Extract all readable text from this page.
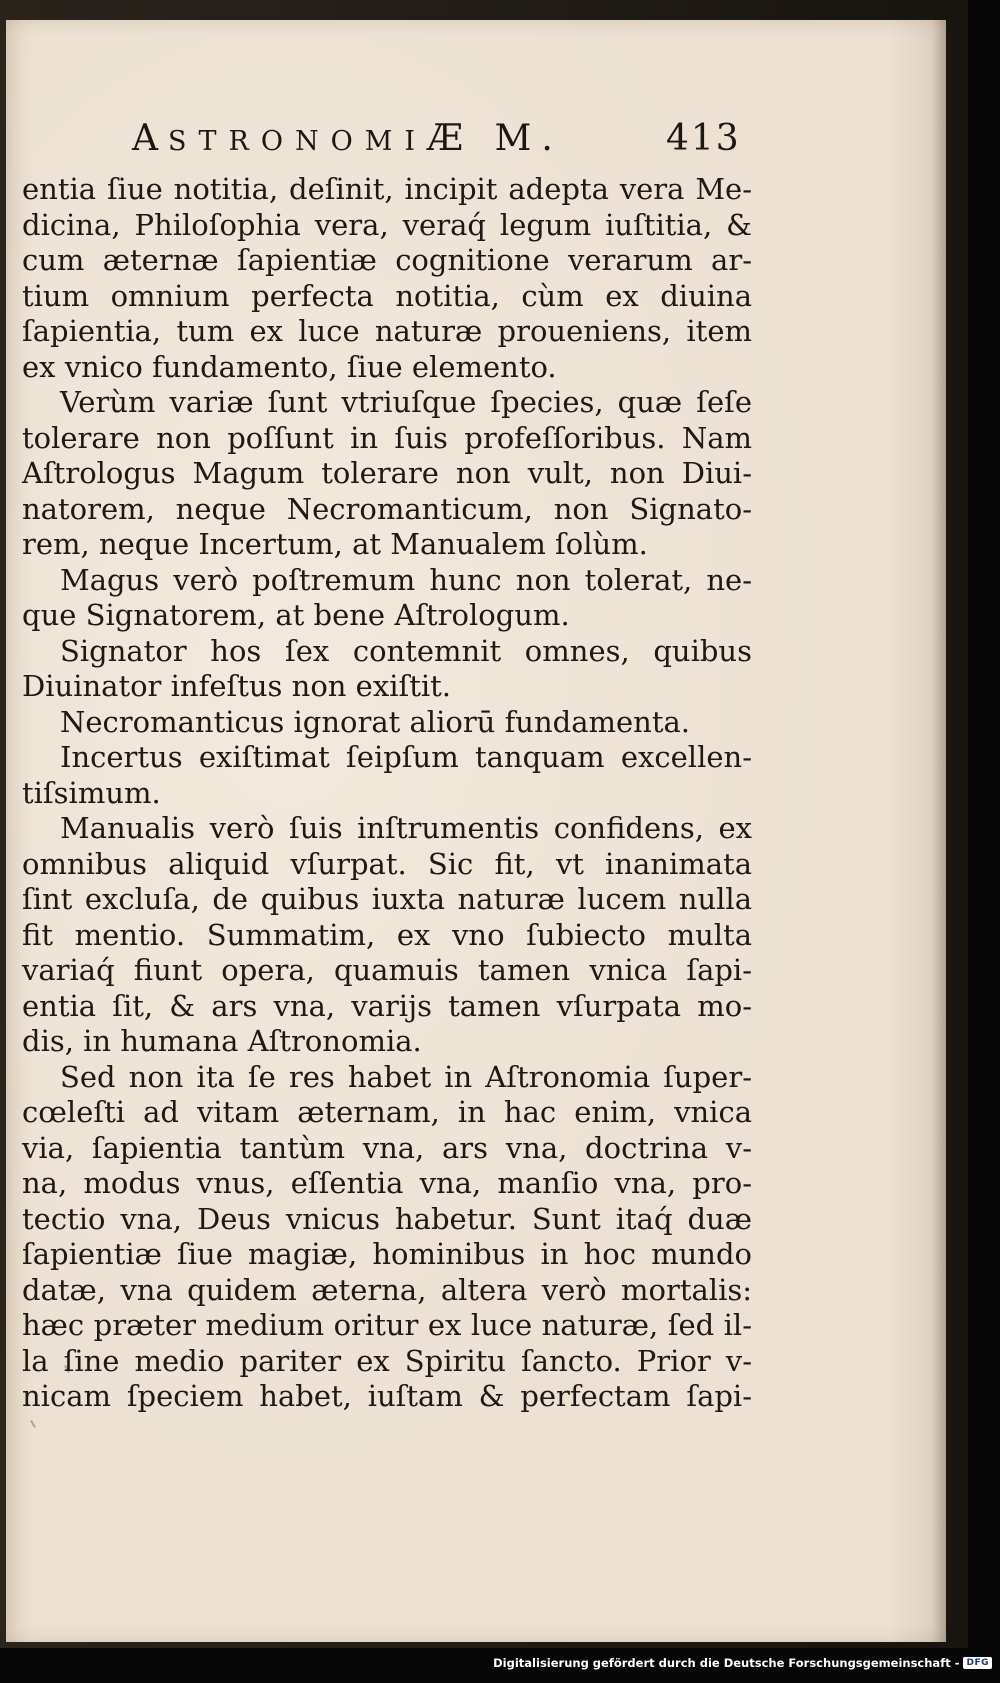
ASTRONOMIÆ M.	413
entia ſiue notitia, deſinit, incipit adepta vera Me-
dicina, Philoſophia vera, veraq́ legum iuſtitia, &
cum æternæ ſapientiæ cognitione verarum ar-
tium omnium perfecta notitia, cùm ex diuina
ſapientia, tum ex luce naturæ proueniens, item
ex vnico fundamento, ſiue elemento.
Verùm variæ ſunt vtriuſque ſpecies, quæ ſeſe
tolerare non poſſunt in ſuis profeſſoribus. Nam
Aſtrologus Magum tolerare non vult, non Diui-
natorem, neque Necromanticum, non Signato-
rem, neque Incertum, at Manualem ſolùm.
Magus verò poſtremum hunc non tolerat, ne-
que Signatorem, at bene Aſtrologum.
Signator hos ſex contemnit omnes, quibus
Diuinator infeſtus non exiſtit.
Necromanticus ignorat aliorū fundamenta.
Incertus exiſtimat ſeipſum tanquam excellen-
tiſsimum.
Manualis verò ſuis inſtrumentis confidens, ex
omnibus aliquid vſurpat. Sic fit, vt inanimata
ſint excluſa, de quibus iuxta naturæ lucem nulla
fit mentio. Summatim, ex vno ſubiecto multa
variaq́ fiunt opera, quamuis tamen vnica ſapi-
entia ſit, & ars vna, varijs tamen vſurpata mo-
dis, in humana Aſtronomia.
Sed non ita ſe res habet in Aſtronomia ſuper-
cœleſti ad vitam æternam, in hac enim, vnica
via, ſapientia tantùm vna, ars vna, doctrina v-
na, modus vnus, eſſentia vna, manſio vna, pro-
tectio vna, Deus vnicus habetur. Sunt itaq́ duæ
ſapientiæ ſiue magiæ, hominibus in hoc mundo
datæ, vna quidem æterna, altera verò mortalis:
hæc præter medium oritur ex luce naturæ, ſed il-
la ſine medio pariter ex Spiritu ſancto. Prior v-
nicam ſpeciem habet, iuſtam & perfectam ſapi-
Digitalisierung gefördert durch die Deutsche Forschungsgemeinschaft - DFG
